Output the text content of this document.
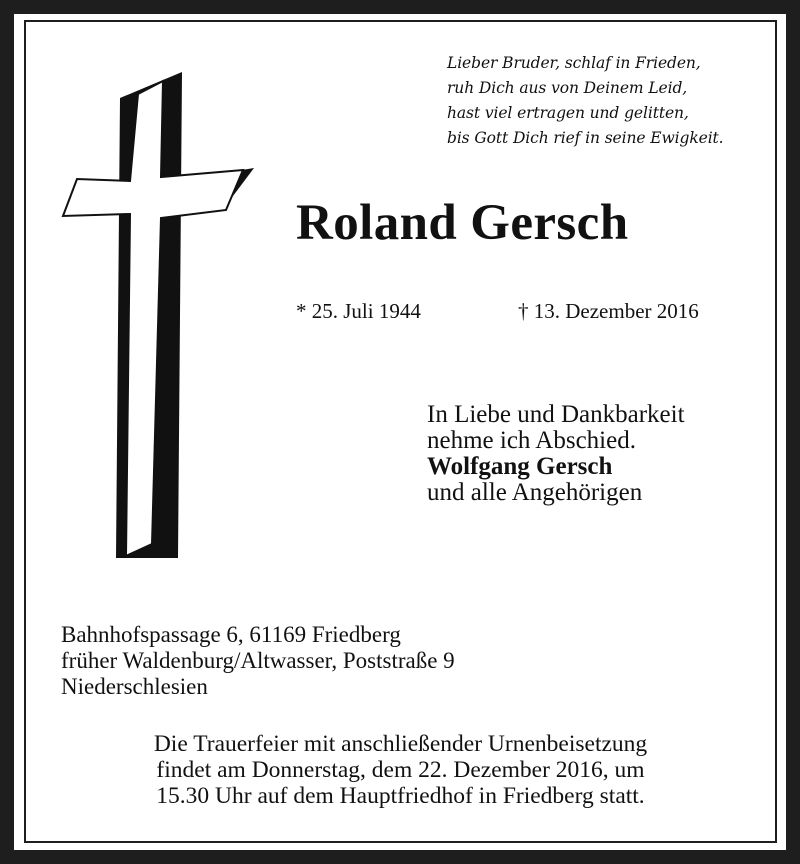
Lieber Bruder, schlaf in Frieden,
ruh Dich aus von Deinem Leid,
hast viel ertragen und gelitten,
bis Gott Dich rief in seine Ewigkeit.
Roland Gersch
* 25. Juli 1944	† 13. Dezember 2016
In Liebe und Dankbarkeit
nehme ich Abschied.
Wolfgang Gersch
und alle Angehörigen
Bahnhofspassage 6, 61169 Friedberg
früher Waldenburg/Altwasser, Poststraße 9
Niederschlesien
Die Trauerfeier mit anschließender Urnenbeisetzung
findet am Donnerstag, dem 22. Dezember 2016, um
15.30 Uhr auf dem Hauptfriedhof in Friedberg statt.
